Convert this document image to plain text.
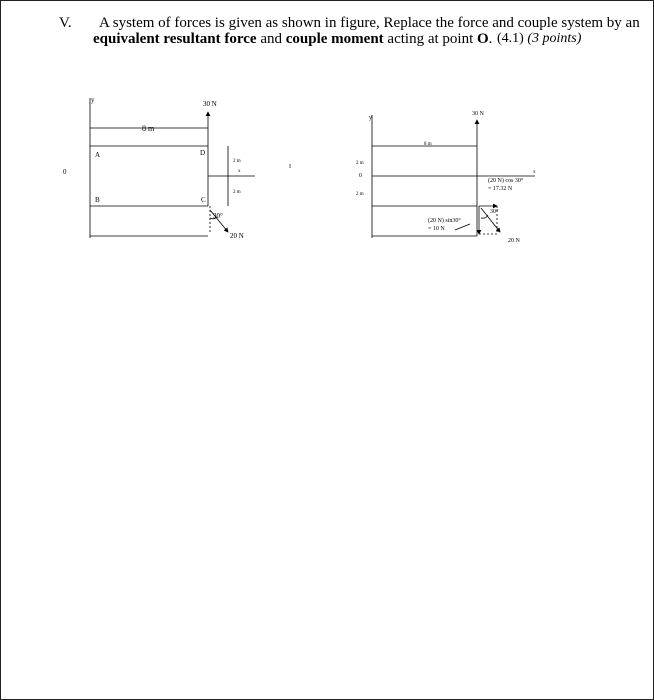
V. A system of forces is given as shown in figure, Replace the force and couple system by an
equivalent resultant force and couple moment acting at point O. (4.1) (3 points)
y
0
8 m
30 N
A
B	C
D
2 m
2 m
x
30°
20 N
I
y
0
8 m
2 m
2 m
30 N
x
(20 N) cos 30°
= 17.32 N
(20 N) sin30°
= 10 N
30°
20 N
